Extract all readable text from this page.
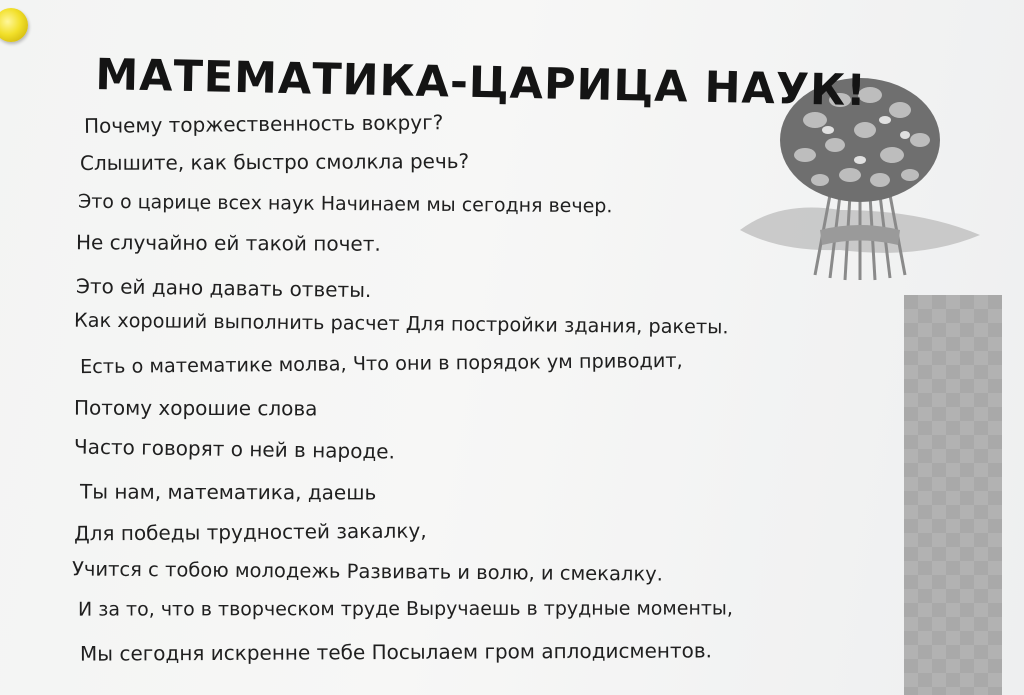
МАТЕМАТИКА-ЦАРИЦА НАУК!
Почему торжественность вокруг?
Слышите, как быстро смолкла речь?
Это о царице всех наук Начинаем мы сегодня вечер.
Не случайно ей такой почет.
Это ей дано давать ответы.
Как хороший выполнить расчет Для постройки здания, ракеты.
Есть о математике молва, Что они в порядок ум приводит,
Потому хорошие слова
Часто говорят о ней в народе.
Ты нам, математика, даешь
Для победы трудностей закалку,
Учится с тобою молодежь Развивать и волю, и смекалку.
И за то, что в творческом труде Выручаешь в трудные моменты,
Мы сегодня искренне тебе Посылаем гром аплодисментов.
